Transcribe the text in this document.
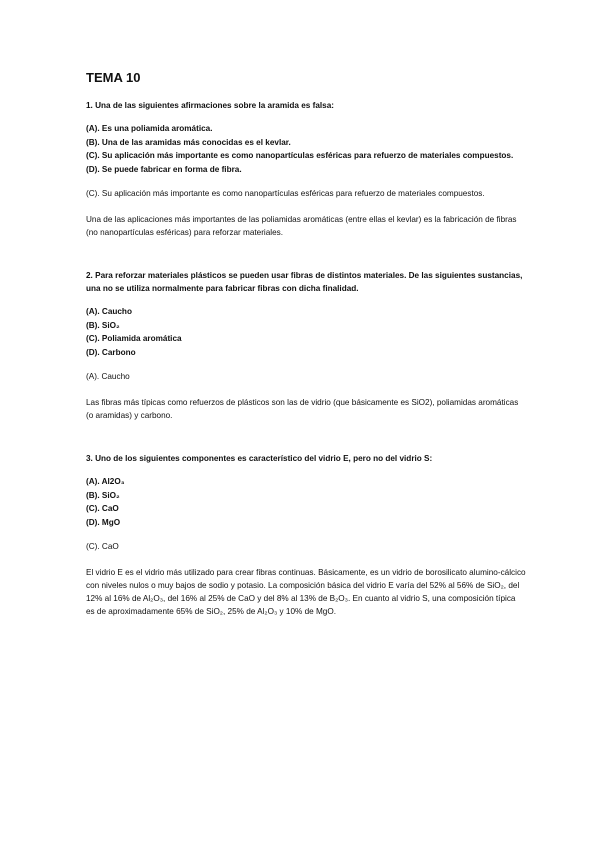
TEMA 10
1. Una de las siguientes afirmaciones sobre la aramida es falsa:
(A). Es una poliamida aromática.
(B). Una de las aramidas más conocidas es el kevlar.
(C). Su aplicación más importante es como nanopartículas esféricas para refuerzo de materiales compuestos.
(D). Se puede fabricar en forma de fibra.
(C). Su aplicación más importante es como nanopartículas esféricas para refuerzo de materiales compuestos.
Una de las aplicaciones más importantes de las poliamidas aromáticas (entre ellas el kevlar) es la fabricación de fibras (no nanopartículas esféricas) para reforzar materiales.
2. Para reforzar materiales plásticos se pueden usar fibras de distintos materiales. De las siguientes sustancias, una no se utiliza normalmente para fabricar fibras con dicha finalidad.
(A). Caucho
(B). SiO₂
(C). Poliamida aromática
(D). Carbono
(A). Caucho
Las fibras más típicas como refuerzos de plásticos son las de vidrio (que básicamente es SiO2), poliamidas aromáticas (o aramidas) y carbono.
3. Uno de los siguientes componentes es característico del vidrio E, pero no del vidrio S:
(A). Al2O₃
(B). SiO₂
(C). CaO
(D). MgO
(C). CaO
El vidrio E es el vidrio más utilizado para crear fibras continuas. Básicamente, es un vidrio de borosilicato alumino-cálcico con niveles nulos o muy bajos de sodio y potasio. La composición básica del vidrio E varía del 52% al 56% de SiO₂, del 12% al 16% de Al₂O₃, del 16% al 25% de CaO y del 8% al 13% de B₂O₃. En cuanto al vidrio S, una composición típica es de aproximadamente 65% de SiO₂, 25% de Al₂O₃ y 10% de MgO.
